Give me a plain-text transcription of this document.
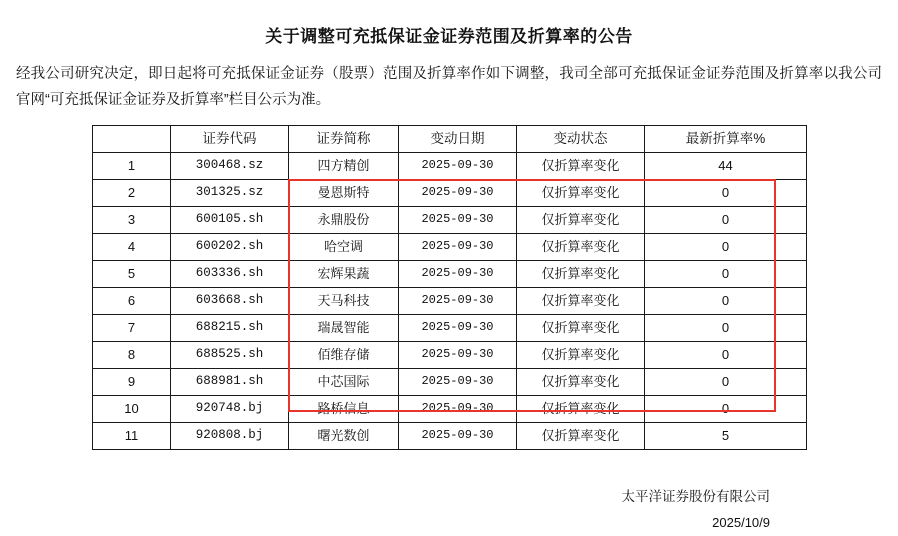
关于调整可充抵保证金证券范围及折算率的公告
经我公司研究决定，即日起将可充抵保证金证券（股票）范围及折算率作如下调整，我司全部可充抵保证金证券范围及折算率以我公司官网“可充抵保证金证券及折算率”栏目公示为准。
	证券代码	证券简称	变动日期	变动状态	最新折算率%
1	300468.sz	四方精创	2025-09-30	仅折算率变化	44
2	301325.sz	曼恩斯特	2025-09-30	仅折算率变化	0
3	600105.sh	永鼎股份	2025-09-30	仅折算率变化	0
4	600202.sh	哈空调	2025-09-30	仅折算率变化	0
5	603336.sh	宏辉果蔬	2025-09-30	仅折算率变化	0
6	603668.sh	天马科技	2025-09-30	仅折算率变化	0
7	688215.sh	瑞晟智能	2025-09-30	仅折算率变化	0
8	688525.sh	佰维存储	2025-09-30	仅折算率变化	0
9	688981.sh	中芯国际	2025-09-30	仅折算率变化	0
10	920748.bj	路桥信息	2025-09-30	仅折算率变化	0
11	920808.bj	曙光数创	2025-09-30	仅折算率变化	5
太平洋证券股份有限公司
2025/10/9
